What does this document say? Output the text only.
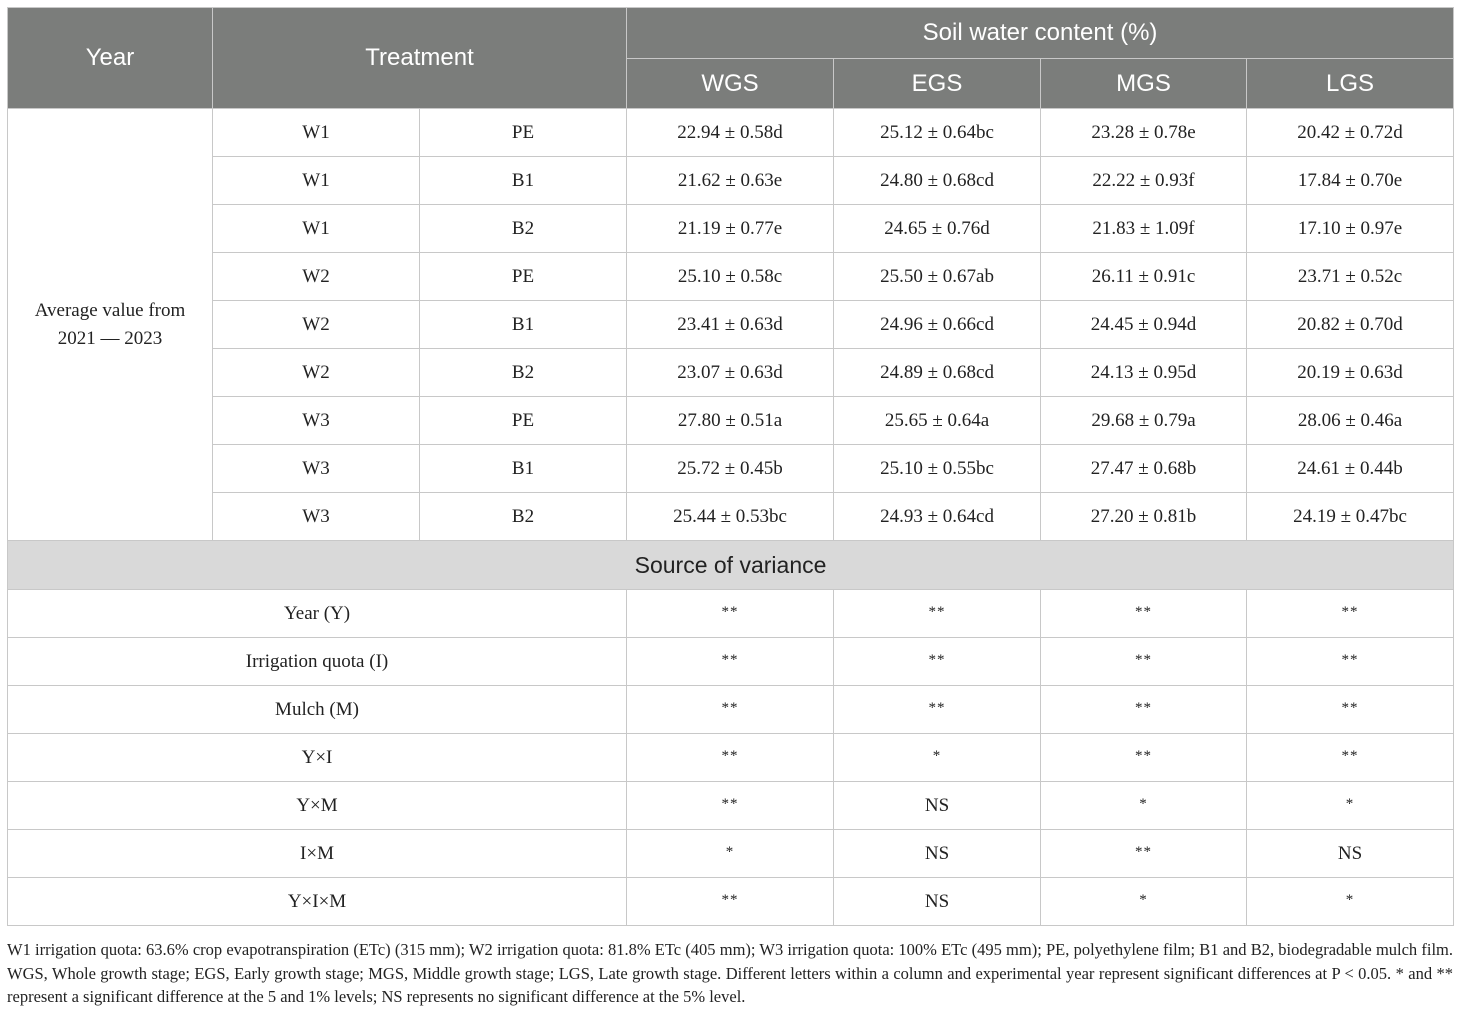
Year	Treatment		Soil water content (%)			
			WGS	EGS	MGS	LGS
Average value from
2021 — 2023	W1	PE	22.94 ± 0.58d	25.12 ± 0.64bc	23.28 ± 0.78e	20.42 ± 0.72d
	W1	B1	21.62 ± 0.63e	24.80 ± 0.68cd	22.22 ± 0.93f	17.84 ± 0.70e
	W1	B2	21.19 ± 0.77e	24.65 ± 0.76d	21.83 ± 1.09f	17.10 ± 0.97e
	W2	PE	25.10 ± 0.58c	25.50 ± 0.67ab	26.11 ± 0.91c	23.71 ± 0.52c
	W2	B1	23.41 ± 0.63d	24.96 ± 0.66cd	24.45 ± 0.94d	20.82 ± 0.70d
	W2	B2	23.07 ± 0.63d	24.89 ± 0.68cd	24.13 ± 0.95d	20.19 ± 0.63d
	W3	PE	27.80 ± 0.51a	25.65 ± 0.64a	29.68 ± 0.79a	28.06 ± 0.46a
	W3	B1	25.72 ± 0.45b	25.10 ± 0.55bc	27.47 ± 0.68b	24.61 ± 0.44b
	W3	B2	25.44 ± 0.53bc	24.93 ± 0.64cd	27.20 ± 0.81b	24.19 ± 0.47bc
Source of variance						
Year (Y)			**	**	**	**
Irrigation quota (I)			**	**	**	**
Mulch (M)			**	**	**	**
Y×I			**	*	**	**
Y×M			**	NS	*	*
I×M			*	NS	**	NS
Y×I×M			**	NS	*	*
W1 irrigation quota: 63.6% crop evapotranspiration (ETc) (315 mm); W2 irrigation quota: 81.8% ETc (405 mm); W3 irrigation quota: 100% ETc (495 mm); PE, polyethylene film; B1 and B2, biodegradable mulch film. WGS, Whole growth stage; EGS, Early growth stage; MGS, Middle growth stage; LGS, Late growth stage. Different letters within a column and experimental year represent significant differences at P < 0.05. * and ** represent a significant difference at the 5 and 1% levels; NS represents no significant difference at the 5% level.
